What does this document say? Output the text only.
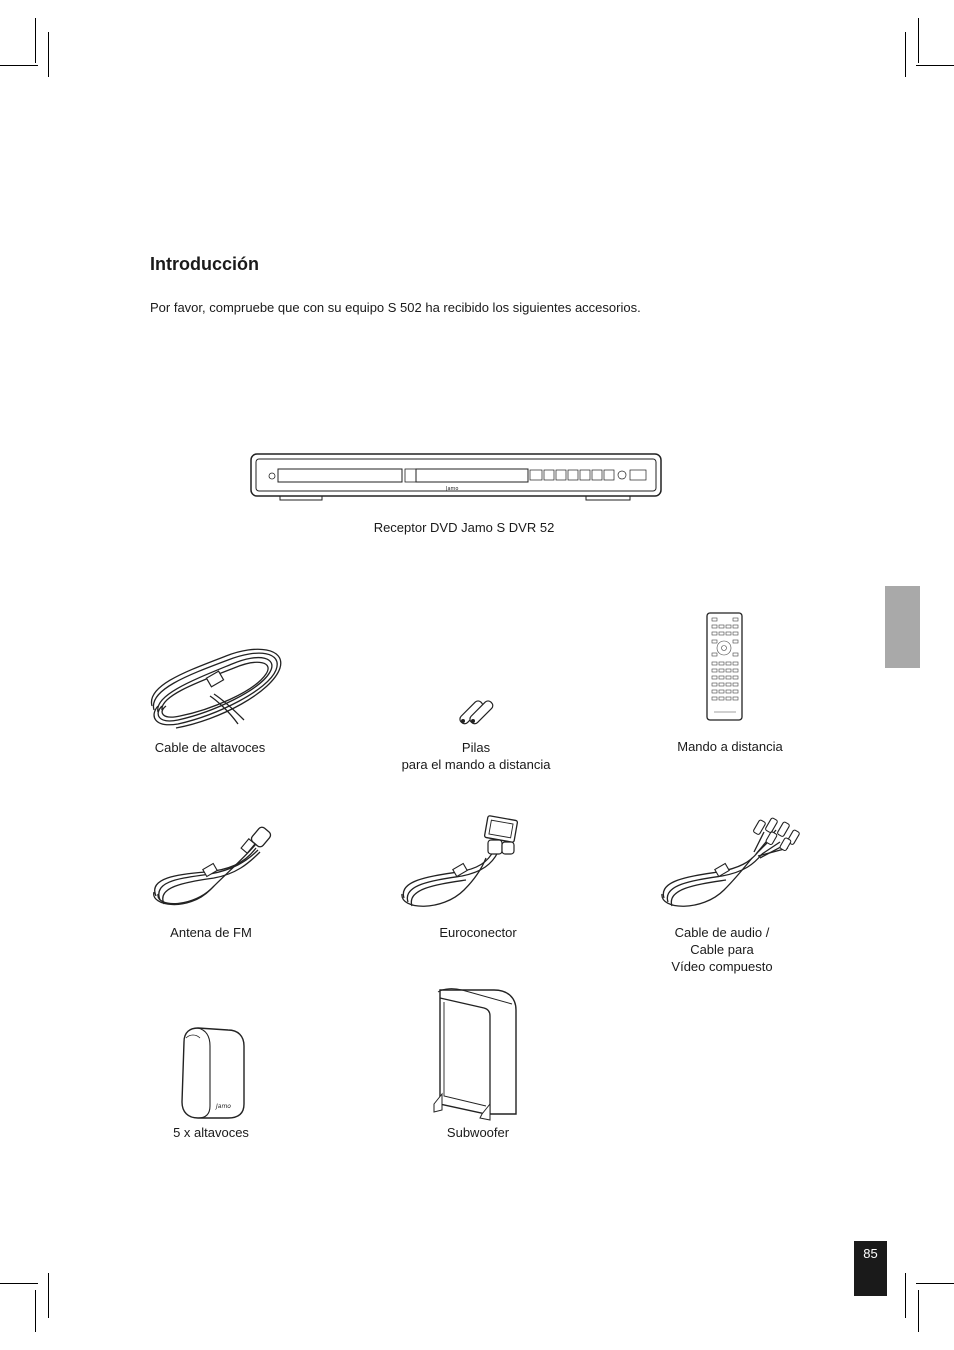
Introducción

Por favor, compruebe que con su equipo S 502 ha recibido los siguientes accesorios.

Jamo
Receptor DVD Jamo S DVR 52
Cable de altavoces	Pilas
para el mando a distancia
Mando a distancia
Antena de FM	Euroconector	Cable de audio /
Cable para
Vídeo compuesto
Jamo
5 x altavoces	Subwoofer
85
